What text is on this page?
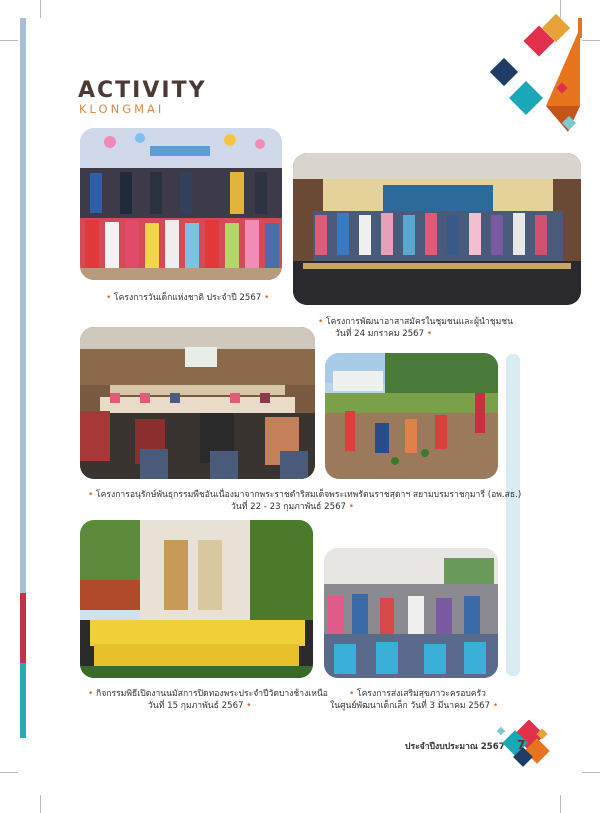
ACTIVITY
KLONGMAI
• โครงการวันเด็กแห่งชาติ ประจำปี 2567 •
• โครงการพัฒนาอาสาสมัครในชุมชนและผู้นำชุมชน
วันที่ 24 มกราคม 2567 •
• โครงการอนุรักษ์พันธุกรรมพืชอันเนื่องมาจากพระราชดำริสมเด็จพระเทพรัตนราชสุดาฯ สยามบรมราชกุมารี (อพ.สธ.)
วันที่ 22 - 23 กุมภาพันธ์ 2567 •
• กิจกรรมพิธีเปิดงานนมัสการปิดทองพระประจำปีวัดบางช้างเหนือ
วันที่ 15 กุมภาพันธ์ 2567 •
• โครงการส่งเสริมสุขภาวะครอบครัว
ในศูนย์พัฒนาเด็กเล็ก วันที่ 3 มีนาคม 2567 •
ประจำปีงบประมาณ 2567 7
